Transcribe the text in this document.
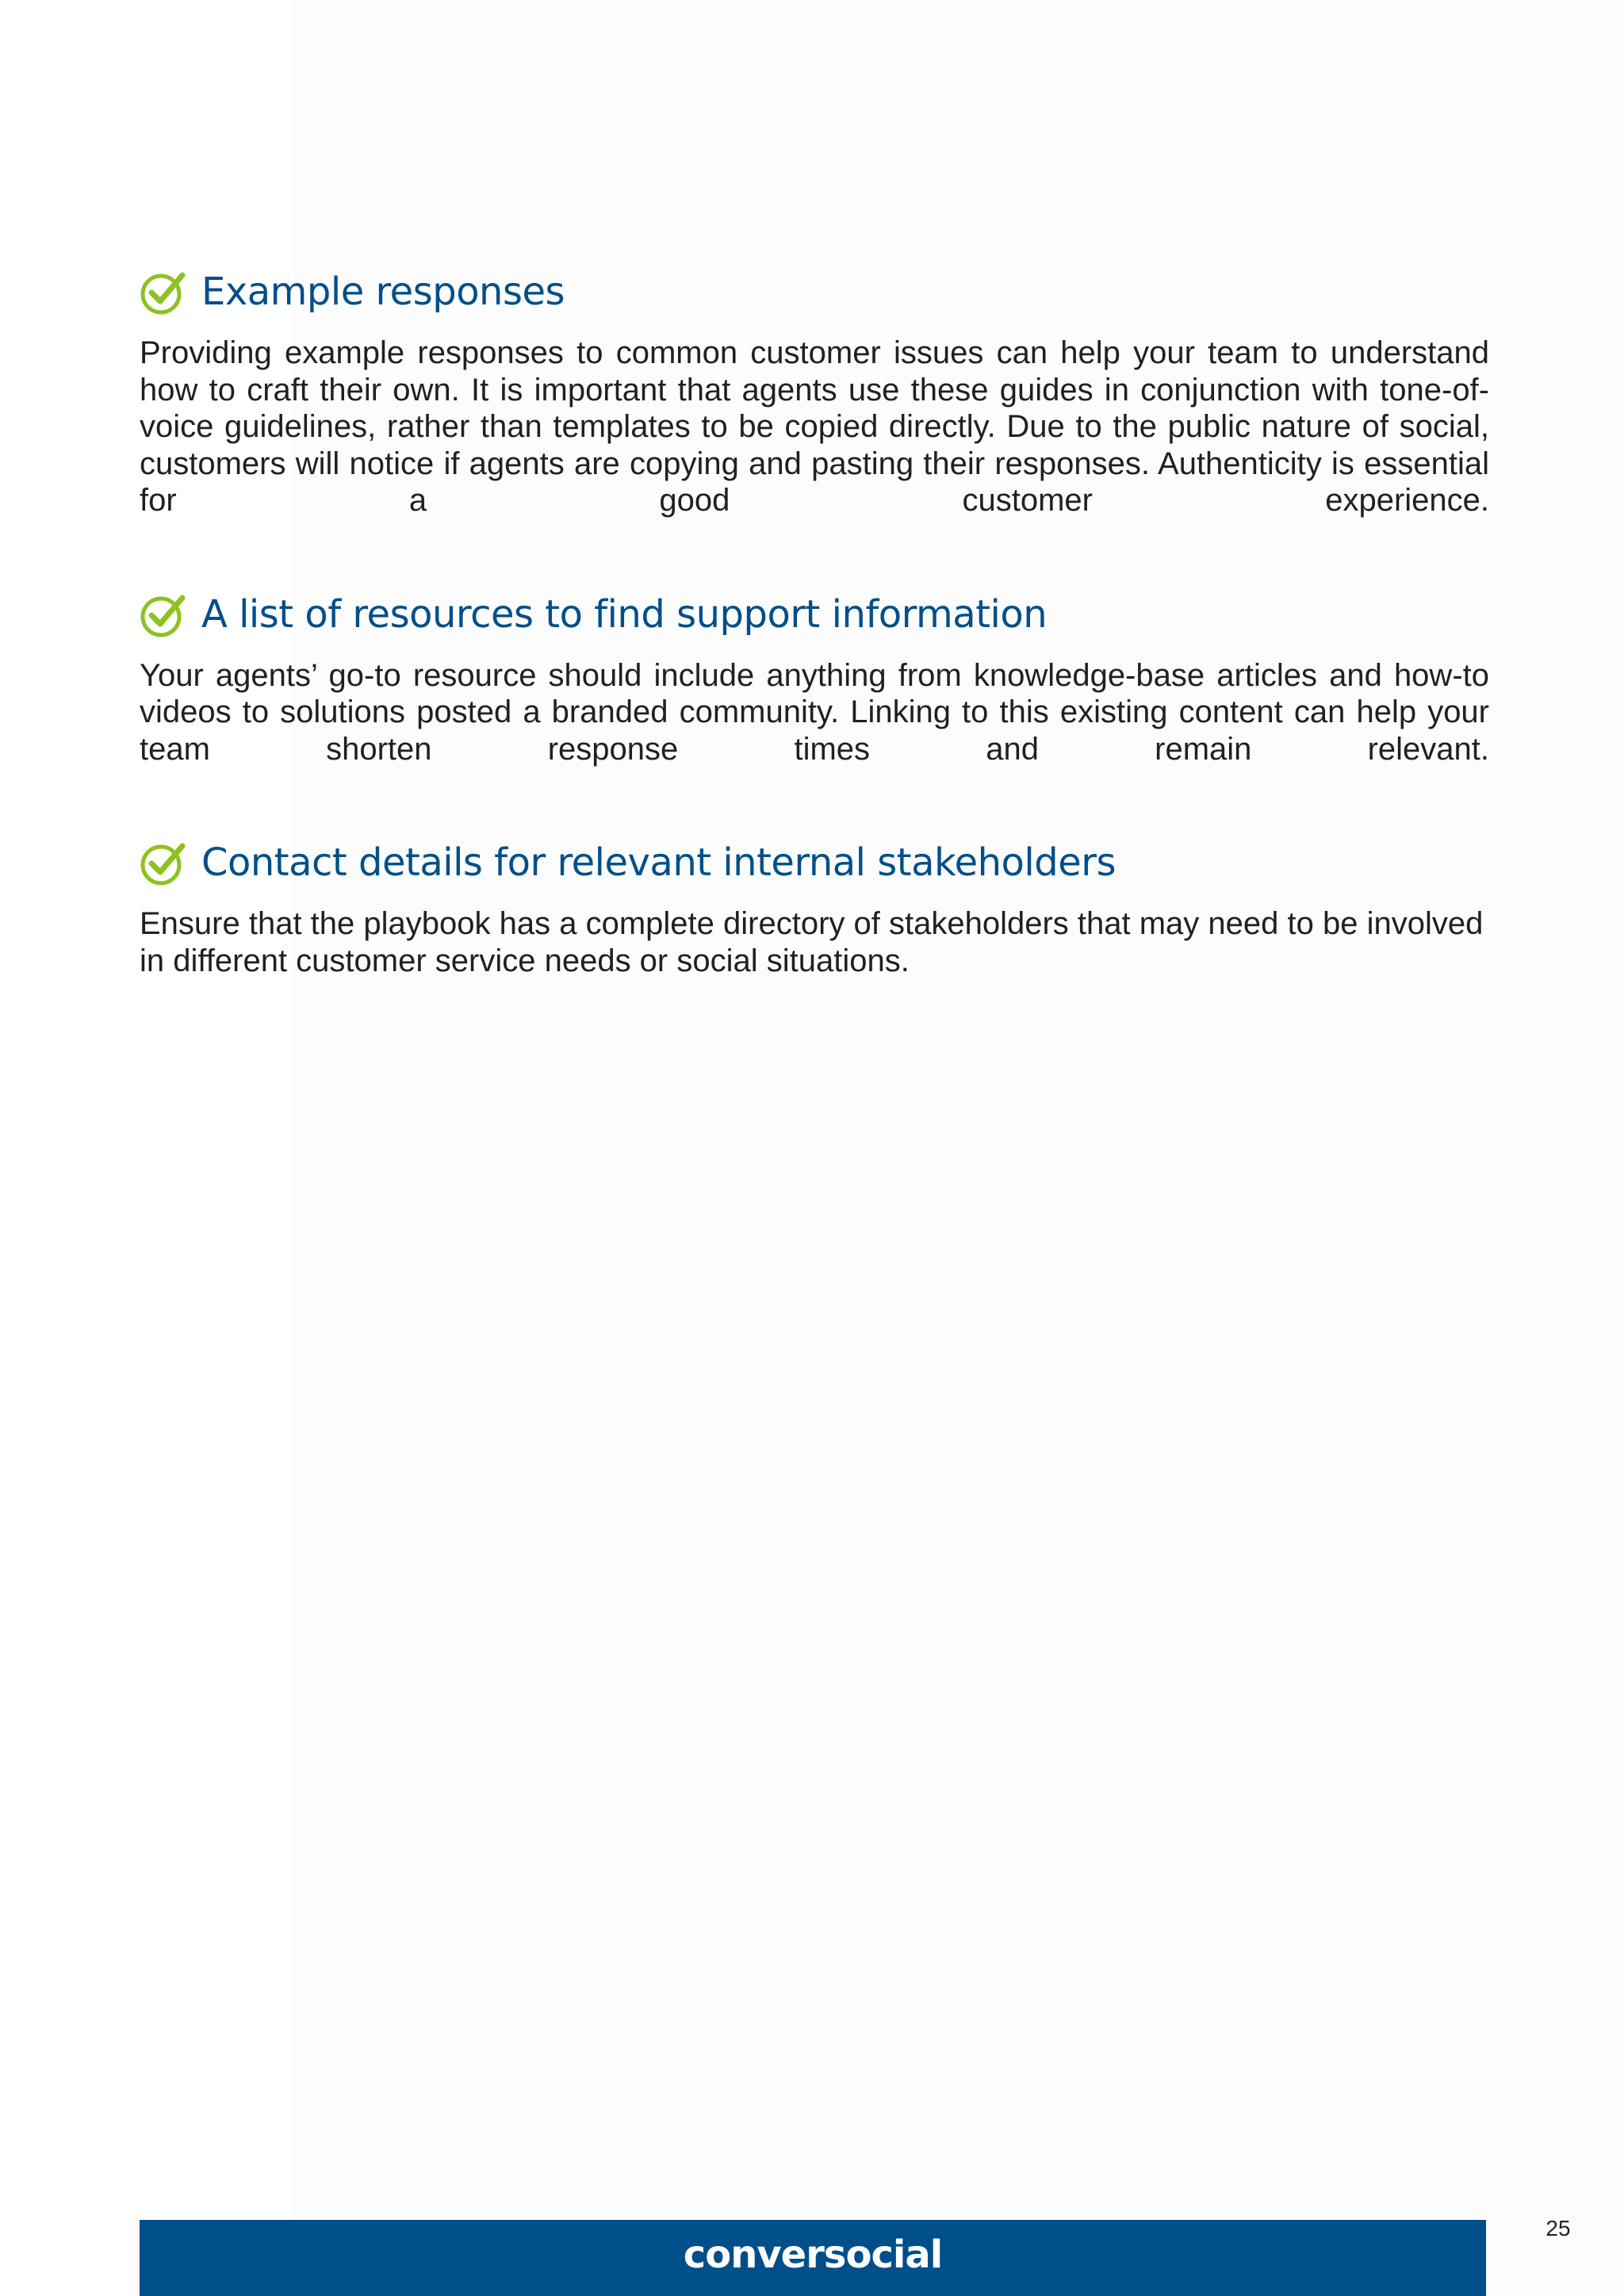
Example responses

Providing example responses to common customer issues can help your team to understand how to craft their own. It is important that agents use these guides in conjunction with tone-of-voice guidelines, rather than templates to be copied directly. Due to the public nature of social, customers will notice if agents are copying and pasting their responses. Authenticity is essential for a good customer experience.

A list of resources to find support information

Your agents’ go-to resource should include anything from knowledge-base articles and how-to videos to solutions posted a branded community. Linking to this existing content can help your team shorten response times and remain relevant.

Contact details for relevant internal stakeholders

Ensure that the playbook has a complete directory of stakeholders that may need to be involved in different customer service needs or social situations.

conversocial
25
